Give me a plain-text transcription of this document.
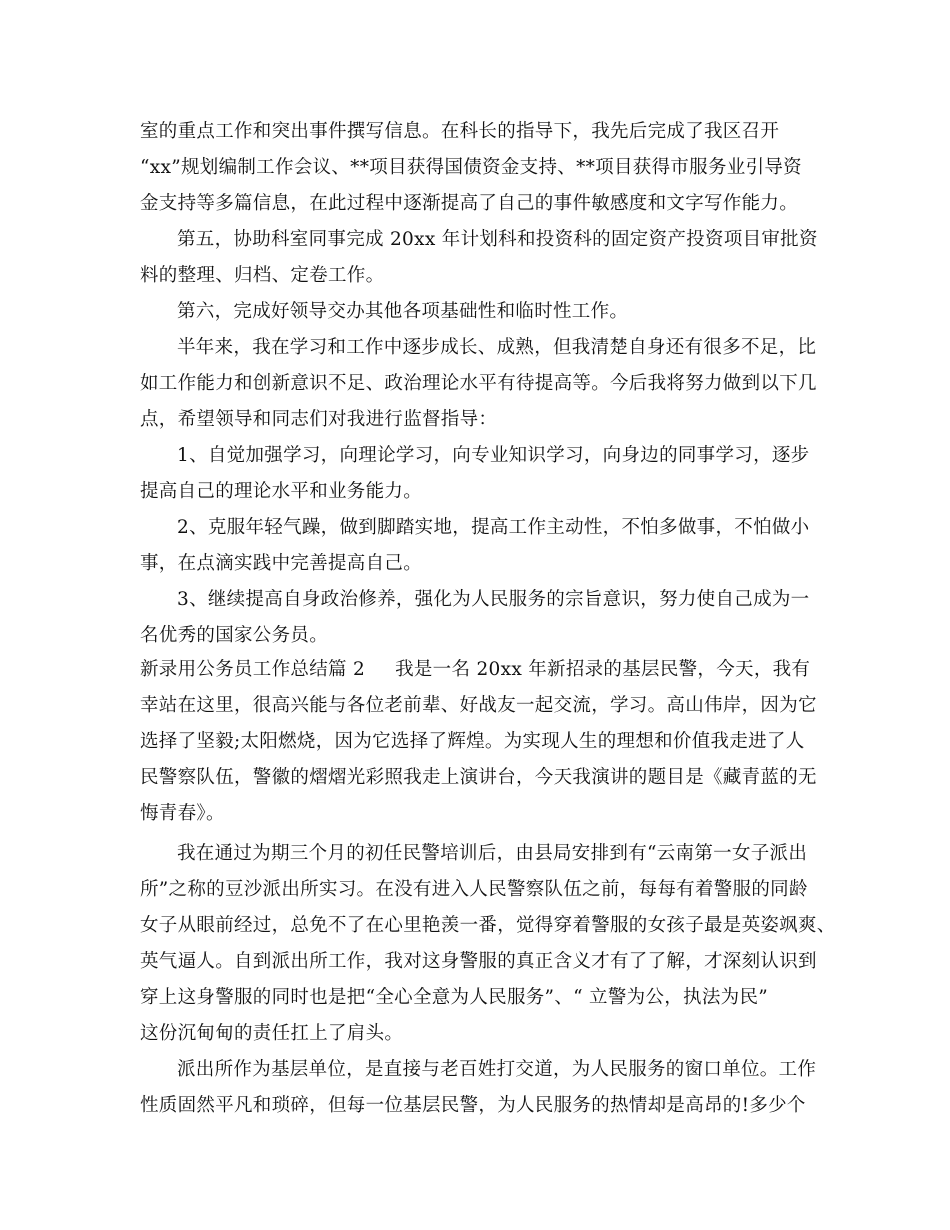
室的重点工作和突出事件撰写信息。在科长的指导下，我先后完成了我区召开
“xx”规划编制工作会议、**项目获得国债资金支持、**项目获得市服务业引导资
金支持等多篇信息，在此过程中逐渐提高了自己的事件敏感度和文字写作能力。
第五，协助科室同事完成 20xx 年计划科和投资科的固定资产投资项目审批资
料的整理、归档、定卷工作。
第六，完成好领导交办其他各项基础性和临时性工作。
半年来，我在学习和工作中逐步成长、成熟，但我清楚自身还有很多不足，比
如工作能力和创新意识不足、政治理论水平有待提高等。今后我将努力做到以下几
点，希望领导和同志们对我进行监督指导：
1、自觉加强学习，向理论学习，向专业知识学习，向身边的同事学习，逐步
提高自己的理论水平和业务能力。
2、克服年轻气躁，做到脚踏实地，提高工作主动性，不怕多做事，不怕做小
事，在点滴实践中完善提高自己。
3、继续提高自身政治修养，强化为人民服务的宗旨意识，努力使自己成为一
名优秀的国家公务员。
新录用公务员工作总结篇 2 我是一名 20xx 年新招录的基层民警，今天，我有
幸站在这里，很高兴能与各位老前辈、好战友一起交流，学习。高山伟岸，因为它
选择了坚毅;太阳燃烧，因为它选择了辉煌。为实现人生的理想和价值我走进了人
民警察队伍，警徽的熠熠光彩照我走上演讲台，今天我演讲的题目是《藏青蓝的无
悔青春》。
我在通过为期三个月的初任民警培训后，由县局安排到有“云南第一女子派出
所”之称的豆沙派出所实习。在没有进入人民警察队伍之前，每每有着警服的同龄
女子从眼前经过，总免不了在心里艳羡一番，觉得穿着警服的女孩子最是英姿飒爽、
英气逼人。自到派出所工作，我对这身警服的真正含义才有了了解，才深刻认识到
穿上这身警服的同时也是把“全心全意为人民服务”、“ 立警为公，执法为民”
这份沉甸甸的责任扛上了肩头。
派出所作为基层单位，是直接与老百姓打交道，为人民服务的窗口单位。工作
性质固然平凡和琐碎，但每一位基层民警，为人民服务的热情却是高昂的!多少个
